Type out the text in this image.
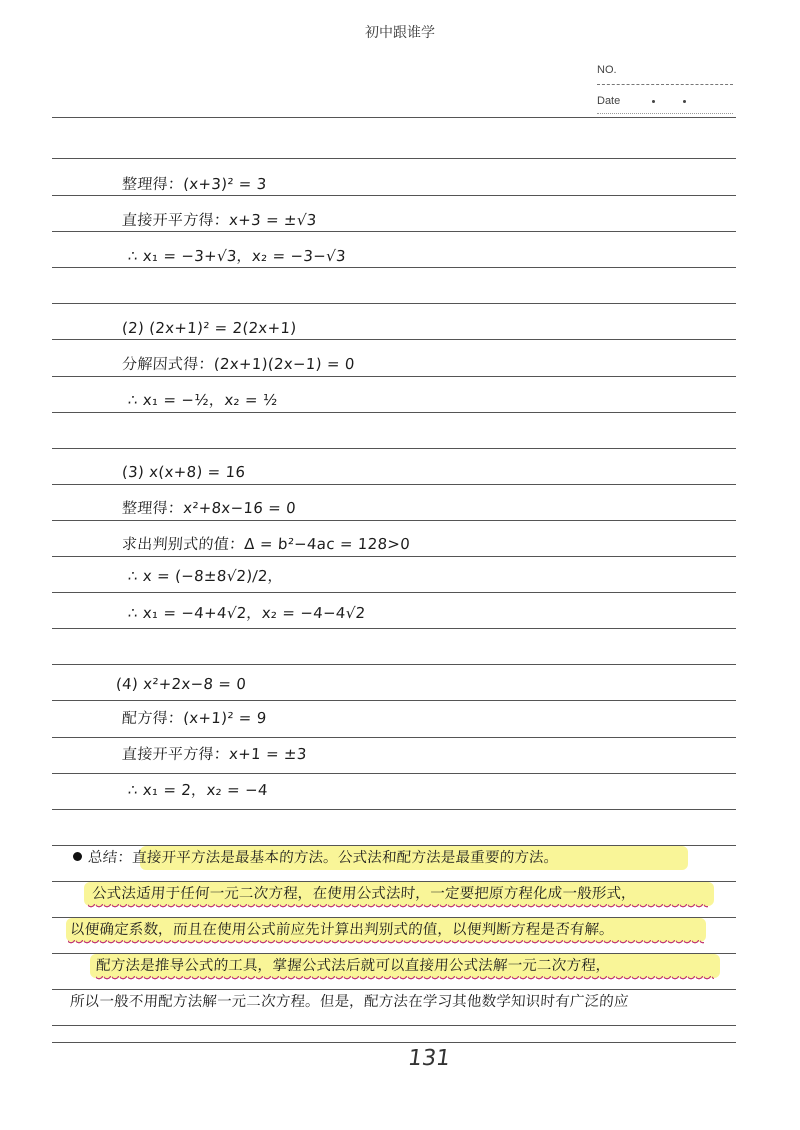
初中跟谁学
NO.
Date
整理得：(x+3)² = 3
直接开平方得：x+3 = ±√3
∴ x₁ = −3+√3，x₂ = −3−√3
(2) (2x+1)² = 2(2x+1)
分解因式得：(2x+1)(2x−1) = 0
∴ x₁ = −½，x₂ = ½
(3) x(x+8) = 16
整理得：x²+8x−16 = 0
求出判别式的值：Δ = b²−4ac = 128>0
∴ x = (−8±8√2)/2，
∴ x₁ = −4+4√2，x₂ = −4−4√2
(4) x²+2x−8 = 0
配方得：(x+1)² = 9
直接开平方得：x+1 = ±3
∴ x₁ = 2，x₂ = −4
总结：直接开平方法是最基本的方法。公式法和配方法是最重要的方法。
公式法适用于任何一元二次方程，在使用公式法时，一定要把原方程化成一般形式，
以便确定系数，而且在使用公式前应先计算出判别式的值，以便判断方程是否有解。
配方法是推导公式的工具，掌握公式法后就可以直接用公式法解一元二次方程，
所以一般不用配方法解一元二次方程。但是，配方法在学习其他数学知识时有广泛的应
131
